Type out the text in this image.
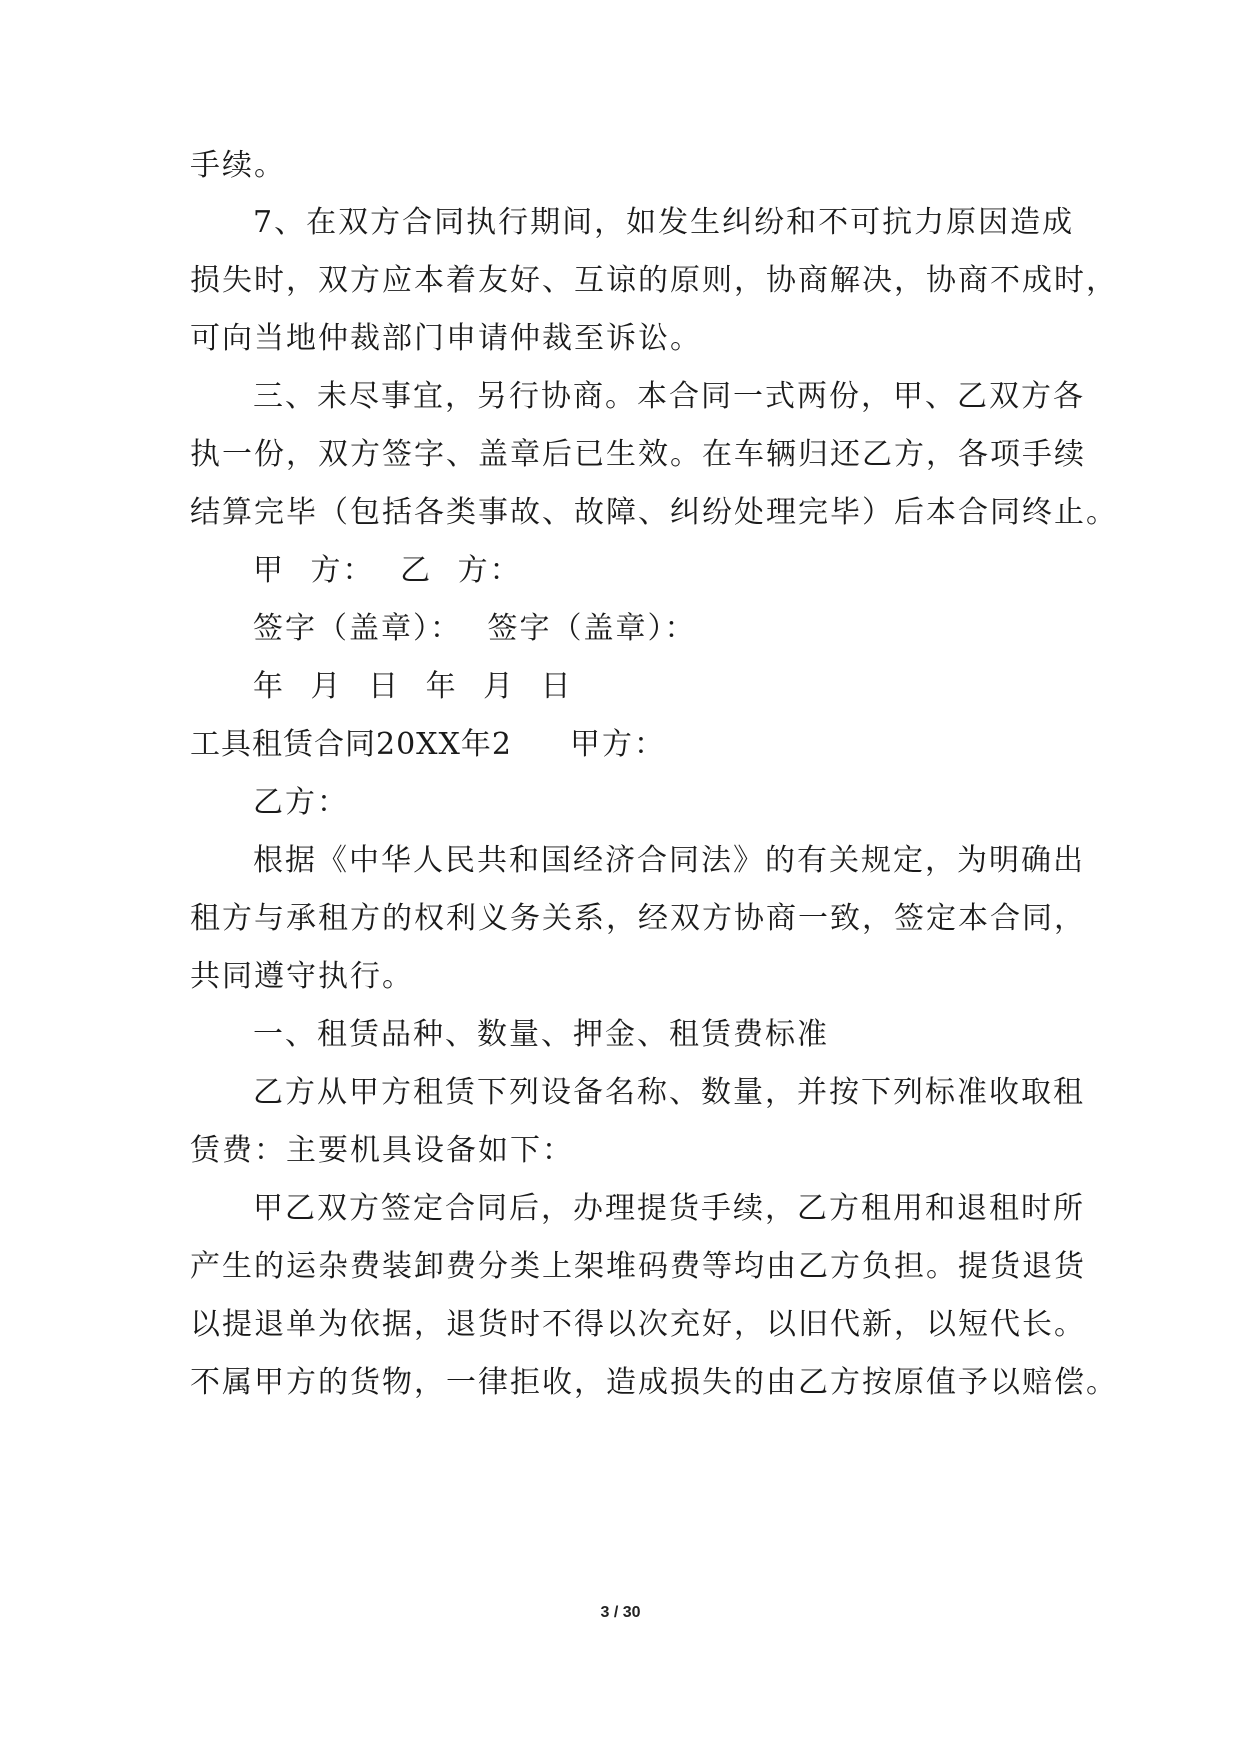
手续。
7、在双方合同执行期间，如发生纠纷和不可抗力原因造成
损失时，双方应本着友好、互谅的原则，协商解决，协商不成时，
可向当地仲裁部门申请仲裁至诉讼。
三、未尽事宜，另行协商。本合同一式两份，甲、乙双方各
执一份，双方签字、盖章后已生效。在车辆归还乙方，各项手续
结算完毕（包括各类事故、故障、纠纷处理完毕）后本合同终止。
甲 方： 乙 方：
签字（盖章）： 签字（盖章）：
年 月 日 年 月 日
工具租赁合同20XX年2 甲方：
乙方：
根据《中华人民共和国经济合同法》的有关规定，为明确出
租方与承租方的权利义务关系，经双方协商一致，签定本合同，
共同遵守执行。
一、租赁品种、数量、押金、租赁费标准
乙方从甲方租赁下列设备名称、数量，并按下列标准收取租
赁费：主要机具设备如下：
甲乙双方签定合同后，办理提货手续，乙方租用和退租时所
产生的运杂费装卸费分类上架堆码费等均由乙方负担。提货退货
以提退单为依据，退货时不得以次充好，以旧代新，以短代长。
不属甲方的货物，一律拒收，造成损失的由乙方按原值予以赔偿。
3 / 30
